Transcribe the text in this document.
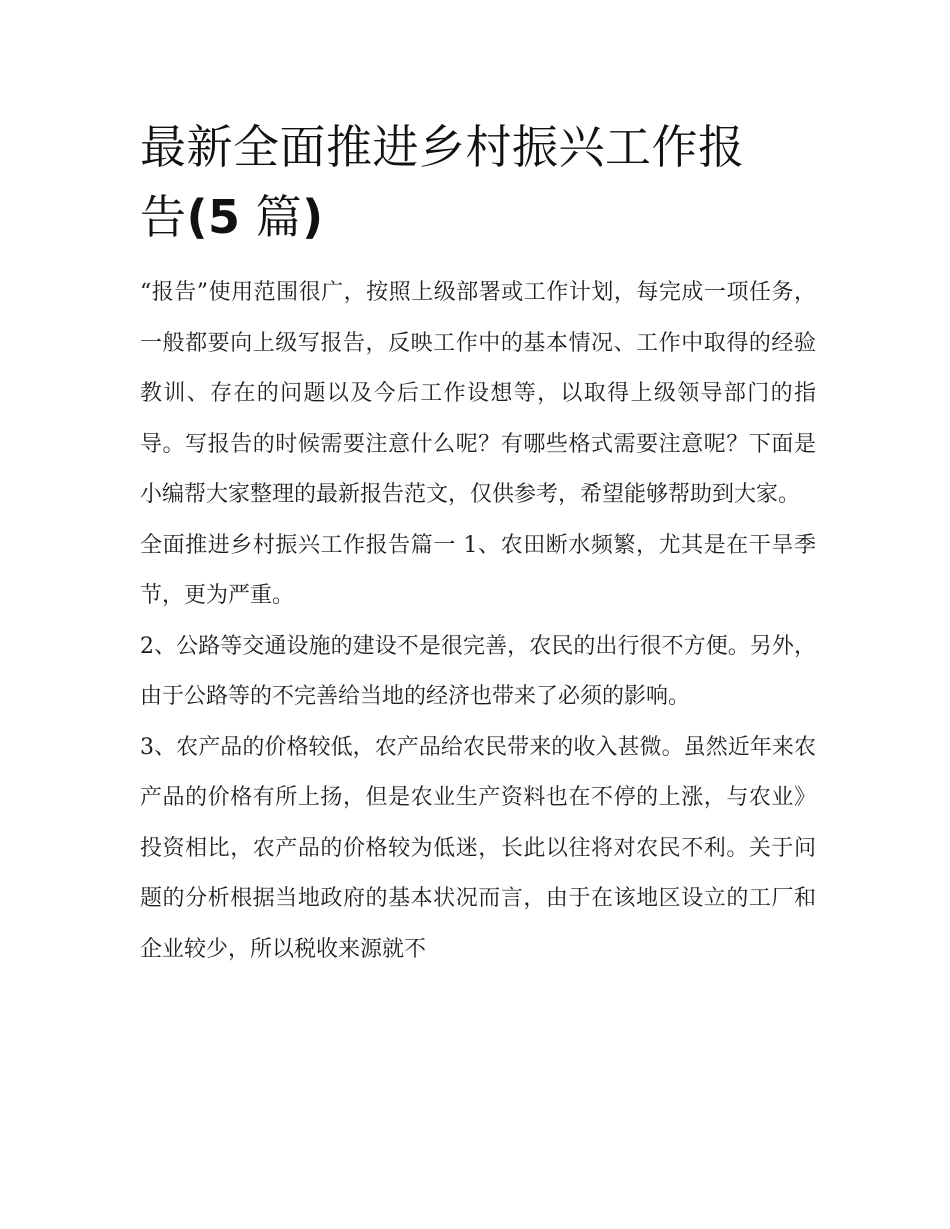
最新全面推进乡村振兴工作报
告(5 篇)

“报告”使用范围很广，按照上级部署或工作计划，每完成一项任务，一般都要向上级写报告，反映工作中的基本情况、工作中取得的经验教训、存在的问题以及今后工作设想等，以取得上级领导部门的指导。写报告的时候需要注意什么呢？有哪些格式需要注意呢？下面是小编帮大家整理的最新报告范文，仅供参考，希望能够帮助到大家。

全面推进乡村振兴工作报告篇一 1、农田断水频繁，尤其是在干旱季节，更为严重。

2、公路等交通设施的建设不是很完善，农民的出行很不方便。另外，由于公路等的不完善给当地的经济也带来了必须的影响。

3、农产品的价格较低，农产品给农民带来的收入甚微。虽然近年来农产品的价格有所上扬，但是农业生产资料也在不停的上涨，与农业》投资相比，农产品的价格较为低迷，长此以往将对农民不利。关于问题的分析根据当地政府的基本状况而言，由于在该地区设立的工厂和企业较少，所以税收来源就不
